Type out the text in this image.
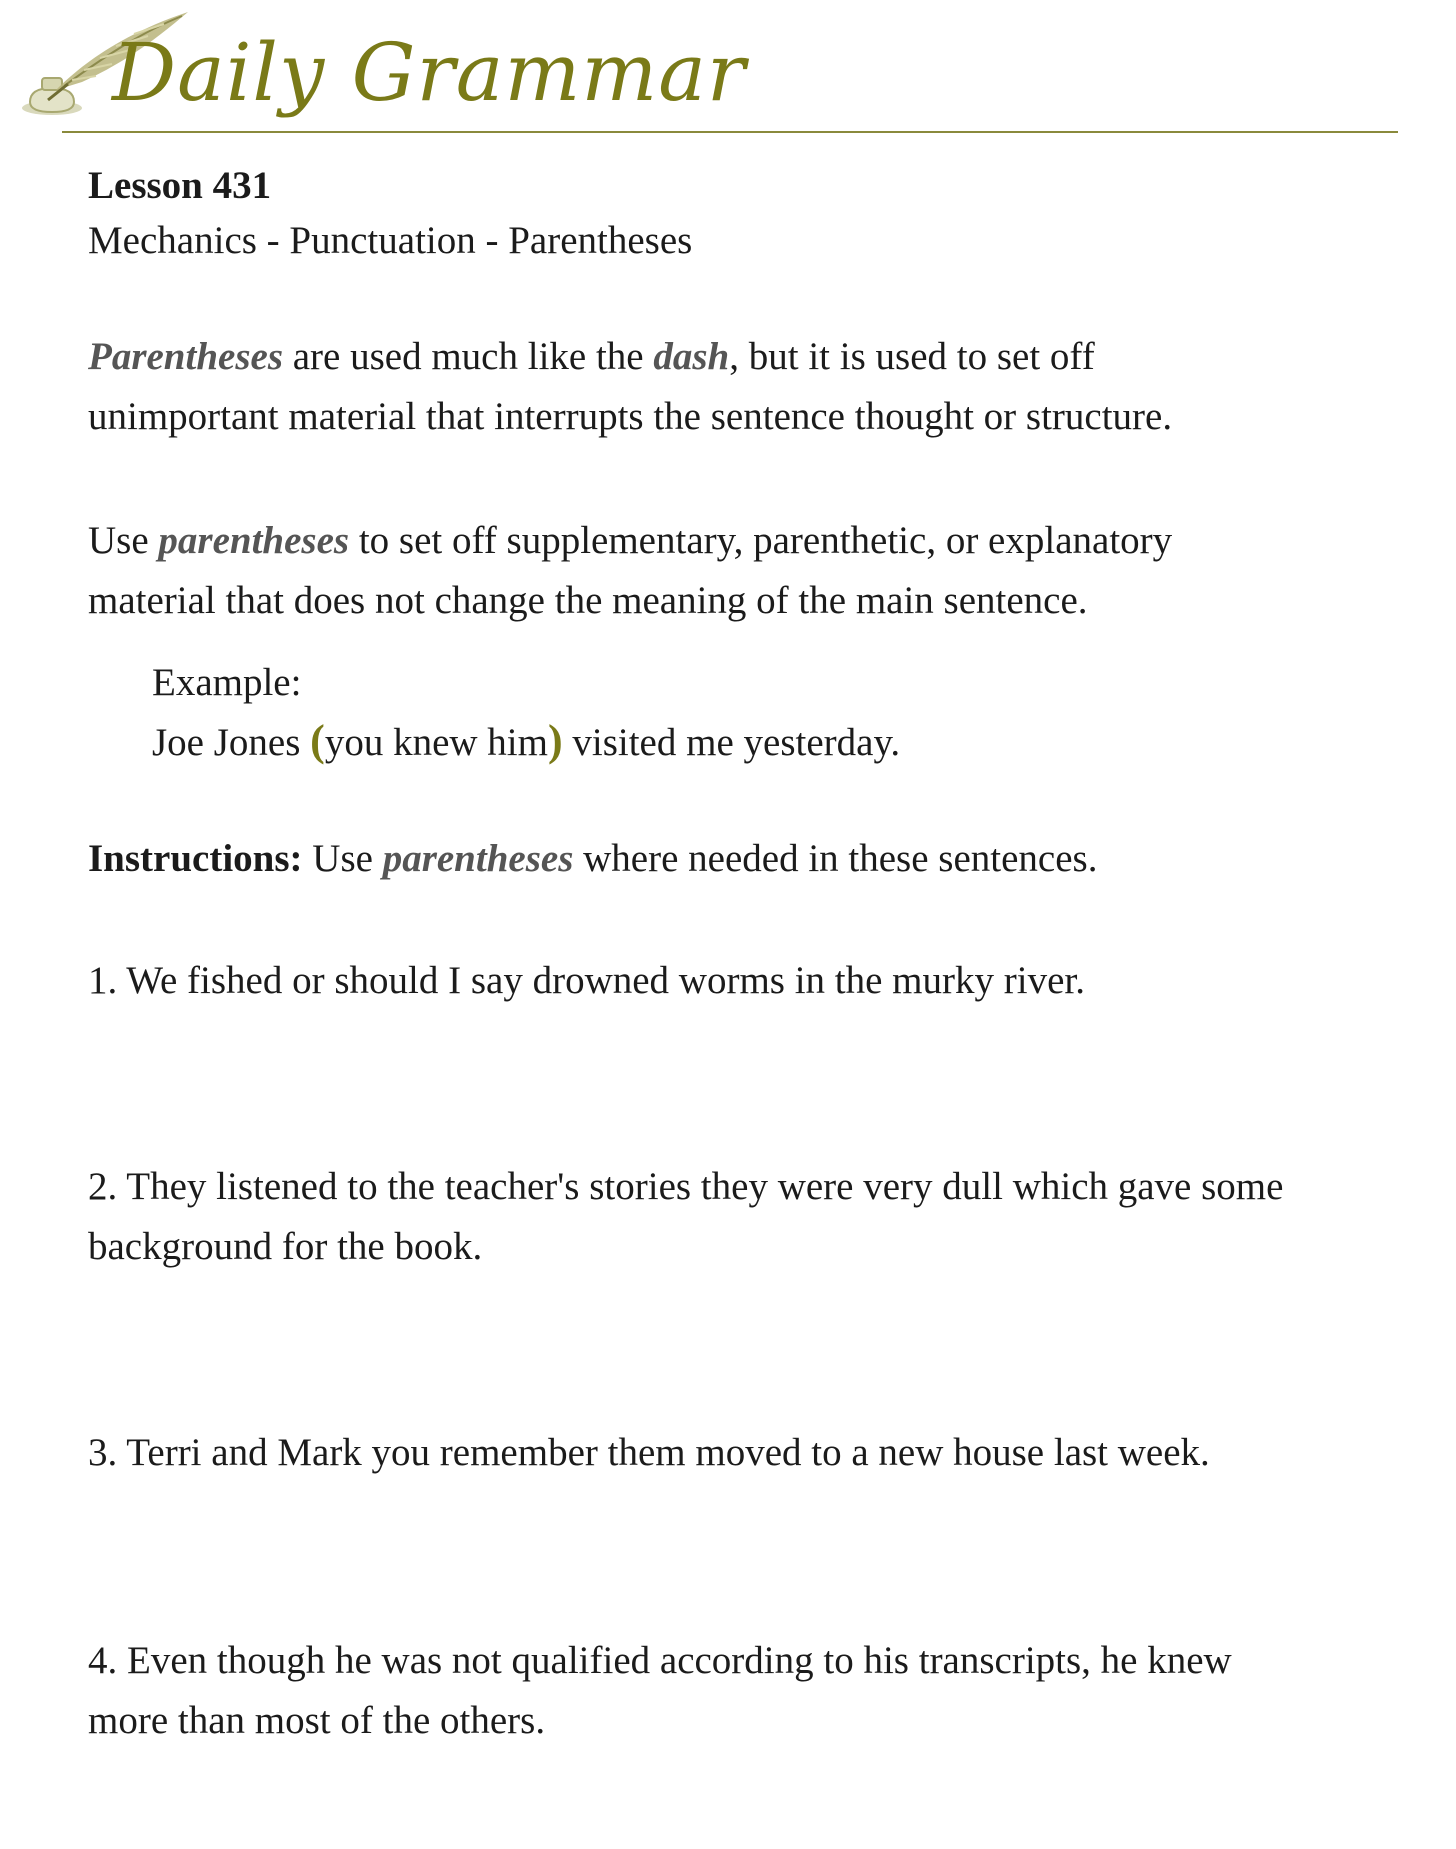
Daily Grammar
Lesson 431
Mechanics - Punctuation - Parentheses

Parentheses are used much like the dash, but it is used to set off unimportant material that interrupts the sentence thought or structure.

Use parentheses to set off supplementary, parenthetic, or explanatory material that does not change the meaning of the main sentence.

Example:
Joe Jones (you knew him) visited me yesterday.

Instructions: Use parentheses where needed in these sentences.

1. We fished or should I say drowned worms in the murky river.

2. They listened to the teacher's stories they were very dull which gave some background for the book.

3. Terri and Mark you remember them moved to a new house last week.

4. Even though he was not qualified according to his transcripts, he knew more than most of the others.
